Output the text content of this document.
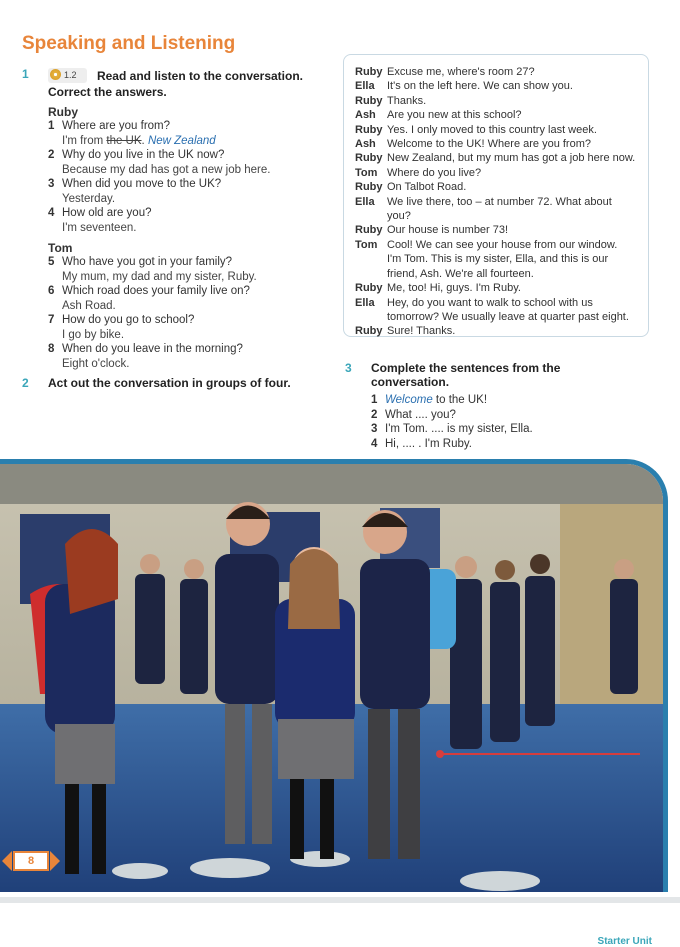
Speaking and Listening
1	1.2 Read and listen to the conversation.
Correct the answers.
Ruby
1 Where are you from?
I'm from the UK. New Zealand
2 Why do you live in the UK now?
Because my dad has got a new job here.
3 When did you move to the UK?
Yesterday.
4 How old are you?
I'm seventeen.
Tom
5 Who have you got in your family?
My mum, my dad and my sister, Ruby.
6 Which road does your family live on?
Ash Road.
7 How do you go to school?
I go by bike.
8 When do you leave in the morning?
Eight o'clock.
2	Act out the conversation in groups of four.
Ruby Excuse me, where's room 27?
Ella	It's on the left here. We can show you.
Ruby Thanks.
Ash	Are you new at this school?
Ruby Yes. I only moved to this country last week.
Ash	Welcome to the UK! Where are you from?
Ruby New Zealand, but my mum has got a job here now.
Tom Where do you live?
Ruby On Talbot Road.
Ella	We live there, too – at number 72. What about you?
Ruby Our house is number 73!
Tom Cool! We can see your house from our window.
I'm Tom. This is my sister, Ella, and this is our
friend, Ash. We're all fourteen.
Ruby Me, too! Hi, guys. I'm Ruby.
Ella	Hey, do you want to walk to school with us
tomorrow? We usually leave at quarter past eight.
Ruby Sure! Thanks.
3	Complete the sentences from the
conversation.
1 Welcome to the UK!
2 What .... you?
3 I'm Tom. .... is my sister, Ella.
4 Hi, .... . I'm Ruby.
8
Starter Unit
